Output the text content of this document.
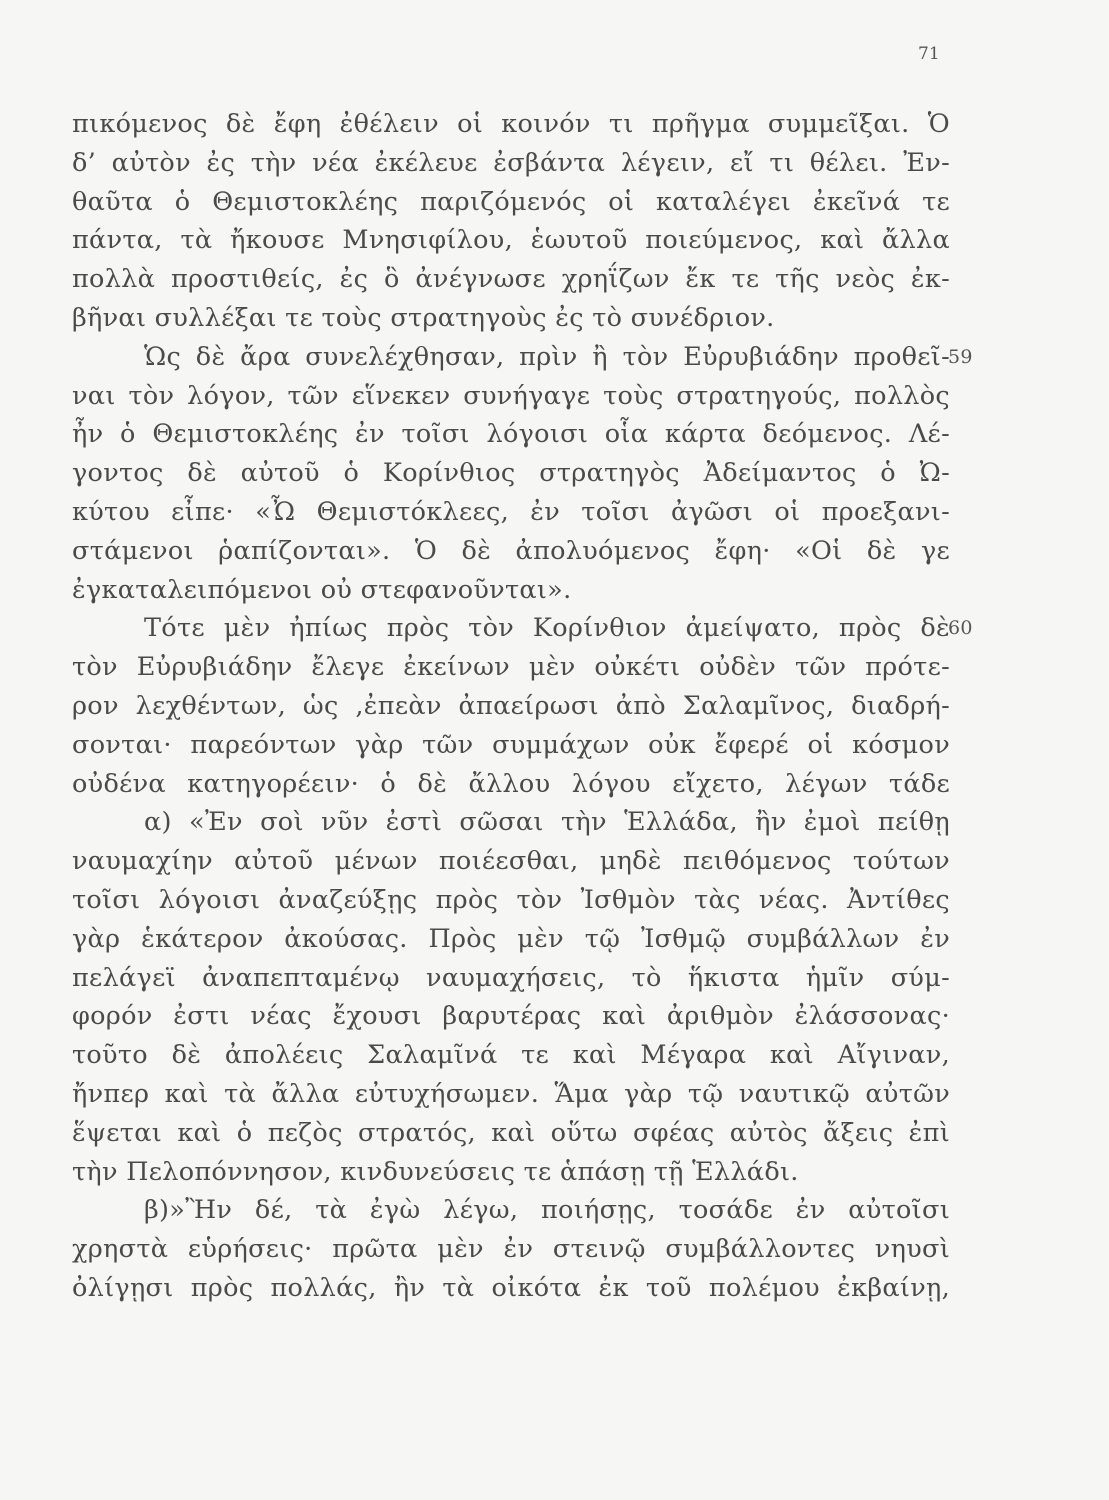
71
πικόμενος δὲ ἔφη ἐθέλειν οἱ κοινόν τι πρῆγμα συμμεῖξαι. Ὁ
δ’ αὐτὸν ἐς τὴν νέα ἐκέλευε ἐσβάντα λέγειν, εἴ τι θέλει. Ἐν-
θαῦτα ὁ Θεμιστοκλέης παριζόμενός οἱ καταλέγει ἐκεῖνά τε
πάντα, τὰ ἤκουσε Μνησιφίλου, ἑωυτοῦ ποιεύμενος, καὶ ἄλλα
πολλὰ προστιθείς, ἐς ὃ ἀνέγνωσε χρηΐζων ἔκ τε τῆς νεὸς ἐκ-
βῆναι συλλέξαι τε τοὺς στρατηγοὺς ἐς τὸ συνέδριον.
Ὡς δὲ ἄρα συνελέχθησαν, πρὶν ἢ τὸν Εὐρυβιάδην προθεῖ-
59
ναι τὸν λόγον, τῶν εἵνεκεν συνήγαγε τοὺς στρατηγούς, πολλὸς
ἦν ὁ Θεμιστοκλέης ἐν τοῖσι λόγοισι οἷα κάρτα δεόμενος. Λέ-
γοντος δὲ αὐτοῦ ὁ Κορίνθιος στρατηγὸς Ἀδείμαντος ὁ Ὠ-
κύτου εἶπε· «Ὦ Θεμιστόκλεες, ἐν τοῖσι ἀγῶσι οἱ προεξανι-
στάμενοι ῥαπίζονται». Ὁ δὲ ἀπολυόμενος ἔφη· «Οἱ δὲ γε
ἐγκαταλειπόμενοι οὐ στεφανοῦνται».
Τότε μὲν ἠπίως πρὸς τὸν Κορίνθιον ἀμείψατο, πρὸς δὲ
60
τὸν Εὐρυβιάδην ἔλεγε ἐκείνων μὲν οὐκέτι οὐδὲν τῶν πρότε-
ρον λεχθέντων, ὡς ,ἐπεὰν ἀπαείρωσι ἀπὸ Σαλαμῖνος, διαδρή-
σονται· παρεόντων γὰρ τῶν συμμάχων οὐκ ἔφερέ οἱ κόσμον
οὐδένα κατηγορέειν· ὁ δὲ ἄλλου λόγου εἴχετο, λέγων τάδε
α) «Ἐν σοὶ νῦν ἐστὶ σῶσαι τὴν Ἑλλάδα, ἢν ἐμοὶ πείθῃ
ναυμαχίην αὐτοῦ μένων ποιέεσθαι, μηδὲ πειθόμενος τούτων
τοῖσι λόγοισι ἀναζεύξῃς πρὸς τὸν Ἰσθμὸν τὰς νέας. Ἀντίθες
γὰρ ἑκάτερον ἀκούσας. Πρὸς μὲν τῷ Ἰσθμῷ συμβάλλων ἐν
πελάγεϊ ἀναπεπταμένῳ ναυμαχήσεις, τὸ ἥκιστα ἡμῖν σύμ-
φορόν ἐστι νέας ἔχουσι βαρυτέρας καὶ ἀριθμὸν ἐλάσσονας·
τοῦτο δὲ ἀπολέεις Σαλαμῖνά τε καὶ Μέγαρα καὶ Αἴγιναν,
ἤνπερ καὶ τὰ ἄλλα εὐτυχήσωμεν. Ἅμα γὰρ τῷ ναυτικῷ αὐτῶν
ἕψεται καὶ ὁ πεζὸς στρατός, καὶ οὕτω σφέας αὐτὸς ἄξεις ἐπὶ
τὴν Πελοπόννησον, κινδυνεύσεις τε ἁπάσῃ τῇ Ἑλλάδι.
β)»Ἢν δέ, τὰ ἐγὼ λέγω, ποιήσῃς, τοσάδε ἐν αὐτοῖσι
χρηστὰ εὑρήσεις· πρῶτα μὲν ἐν στεινῷ συμβάλλοντες νηυσὶ
ὀλίγῃσι πρὸς πολλάς, ἢν τὰ οἰκότα ἐκ τοῦ πολέμου ἐκβαίνῃ,
